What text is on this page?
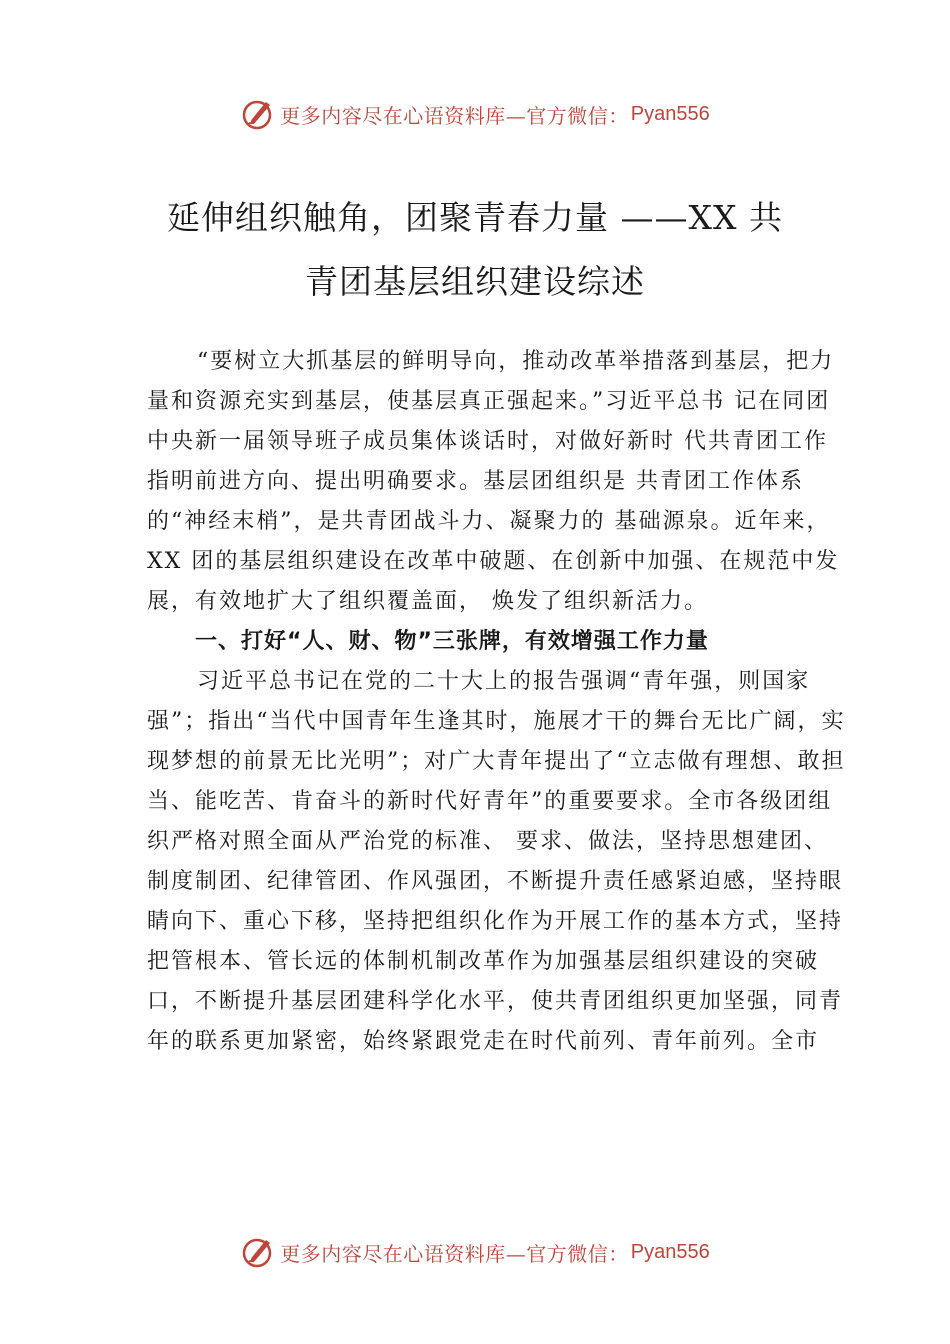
更多内容尽在心语资料库—官方微信： Pyan556
延伸组织触角，团聚青春力量 ——XX 共
青团基层组织建设综述

“要树立大抓基层的鲜明导向，推动改革举措落到基层，把力量和资源充实到基层，使基层真正强起来。”习近平总书 记在同团中央新一届领导班子成员集体谈话时，对做好新时 代共青团工作指明前进方向、提出明确要求。基层团组织是 共青团工作体系的“神经末梢”，是共青团战斗力、凝聚力的 基础源泉。近年来，XX 团的基层组织建设在改革中破题、在创新中加强、在规范中发展，有效地扩大了组织覆盖面， 焕发了组织新活力。

一、打好“人、财、物”三张牌，有效增强工作力量

习近平总书记在党的二十大上的报告强调“青年强，则国家强”；指出“当代中国青年生逢其时，施展才干的舞台无比广阔，实现梦想的前景无比光明”；对广大青年提出了“立志做有理想、敢担当、能吃苦、肯奋斗的新时代好青年”的重要要求。全市各级团组织严格对照全面从严治党的标准、 要求、做法，坚持思想建团、制度制团、纪律管团、作风强团，不断提升责任感紧迫感，坚持眼睛向下、重心下移，坚持把组织化作为开展工作的基本方式，坚持把管根本、管长远的体制机制改革作为加强基层组织建设的突破口，不断提升基层团建科学化水平，使共青团组织更加坚强，同青年的联系更加紧密，始终紧跟党走在时代前列、青年前列。全市

更多内容尽在心语资料库—官方微信： Pyan556
